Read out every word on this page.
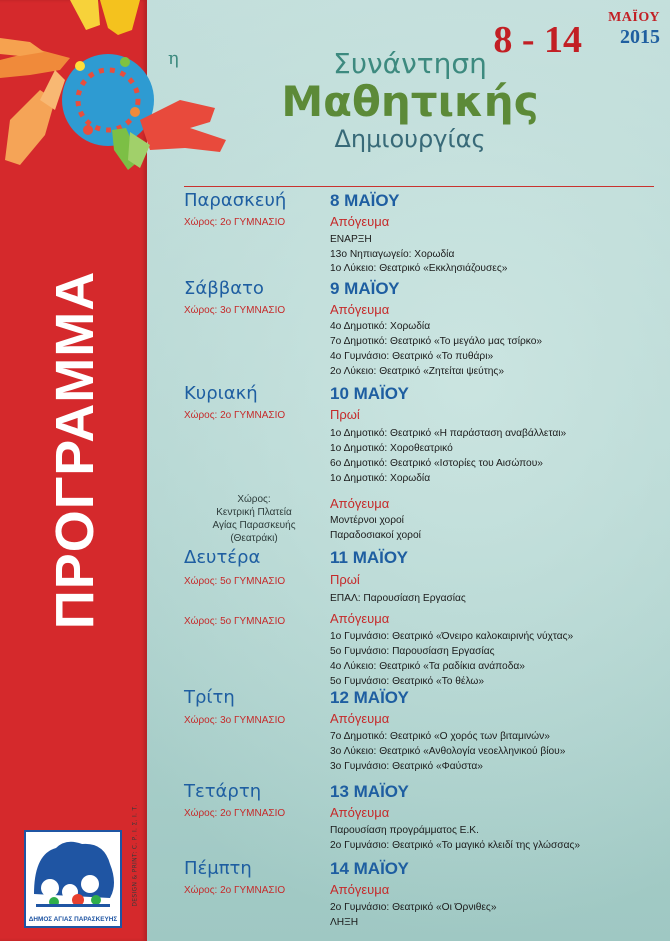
η
ΠΡΟΓΡΑΜΜΑ
DESIGN & PRINT: C. Ρ. Ι. Σ. Ι. Τ.
ΔΗΜΟΣ ΑΓΙΑΣ ΠΑΡΑΣΚΕΥΗΣ
8 - 14
ΜΑΪΟΥ
2015
Συνάντηση
Μαθητικής
Δημιουργίας
Παρασκευή	8 ΜΑΪΟΥ
Χώρος: 2ο ΓΥΜΝΑΣΙΟ	Απόγευμα
ΕΝΑΡΞΗ
13ο Νηπιαγωγείο: Χορωδία
1ο Λύκειο: Θεατρικό «Εκκλησιάζουσες»
Σάββατο	9 ΜΑΪΟΥ
Χώρος: 3ο ΓΥΜΝΑΣΙΟ	Απόγευμα
4ο Δημοτικό: Χορωδία
7ο Δημοτικό: Θεατρικό «Το μεγάλο μας τσίρκο»
4ο Γυμνάσιο: Θεατρικό «Το πυθάρι»
2ο Λύκειο: Θεατρικό «Ζητείται ψεύτης»
Κυριακή	10 ΜΑΪΟΥ
Χώρος: 2ο ΓΥΜΝΑΣΙΟ	Πρωί
1ο Δημοτικό: Θεατρικό «Η παράσταση αναβάλλεται»
1ο Δημοτικό: Χοροθεατρικό
6ο Δημοτικό: Θεατρικό «Ιστορίες του Αισώπου»
1ο Δημοτικό: Χορωδία
Χώρος:
Κεντρική Πλατεία
Αγίας Παρασκευής
(Θεατράκι)
Απόγευμα
Μοντέρνοι χοροί
Παραδοσιακοί χοροί
Δευτέρα	11 ΜΑΪΟΥ
Χώρος: 5ο ΓΥΜΝΑΣΙΟ	Πρωί
ΕΠΑΛ: Παρουσίαση Εργασίας
Χώρος: 5ο ΓΥΜΝΑΣΙΟ	Απόγευμα
1ο Γυμνάσιο: Θεατρικό «Όνειρο καλοκαιρινής νύχτας»
5ο Γυμνάσιο: Παρουσίαση Εργασίας
4ο Λύκειο: Θεατρικό «Τα ραδίκια ανάποδα»
5ο Γυμνάσιο: Θεατρικό «Το θέλω»
Τρίτη	12 ΜΑΪΟΥ
Χώρος: 3ο ΓΥΜΝΑΣΙΟ	Απόγευμα
7ο Δημοτικό: Θεατρικό «Ο χορός των βιταμινών»
3ο Λύκειο: Θεατρικό «Ανθολογία νεοελληνικού βίου»
3ο Γυμνάσιο: Θεατρικό «Φαύστα»
Τετάρτη	13 ΜΑΪΟΥ
Χώρος: 2ο ΓΥΜΝΑΣΙΟ	Απόγευμα
Παρουσίαση προγράμματος Ε.Κ.
2ο Γυμνάσιο: Θεατρικό «Το μαγικό κλειδί της γλώσσας»
Πέμπτη	14 ΜΑΪΟΥ
Χώρος: 2ο ΓΥΜΝΑΣΙΟ	Απόγευμα
2ο Γυμνάσιο: Θεατρικό «Οι Όρνιθες»
ΛΗΞΗ
